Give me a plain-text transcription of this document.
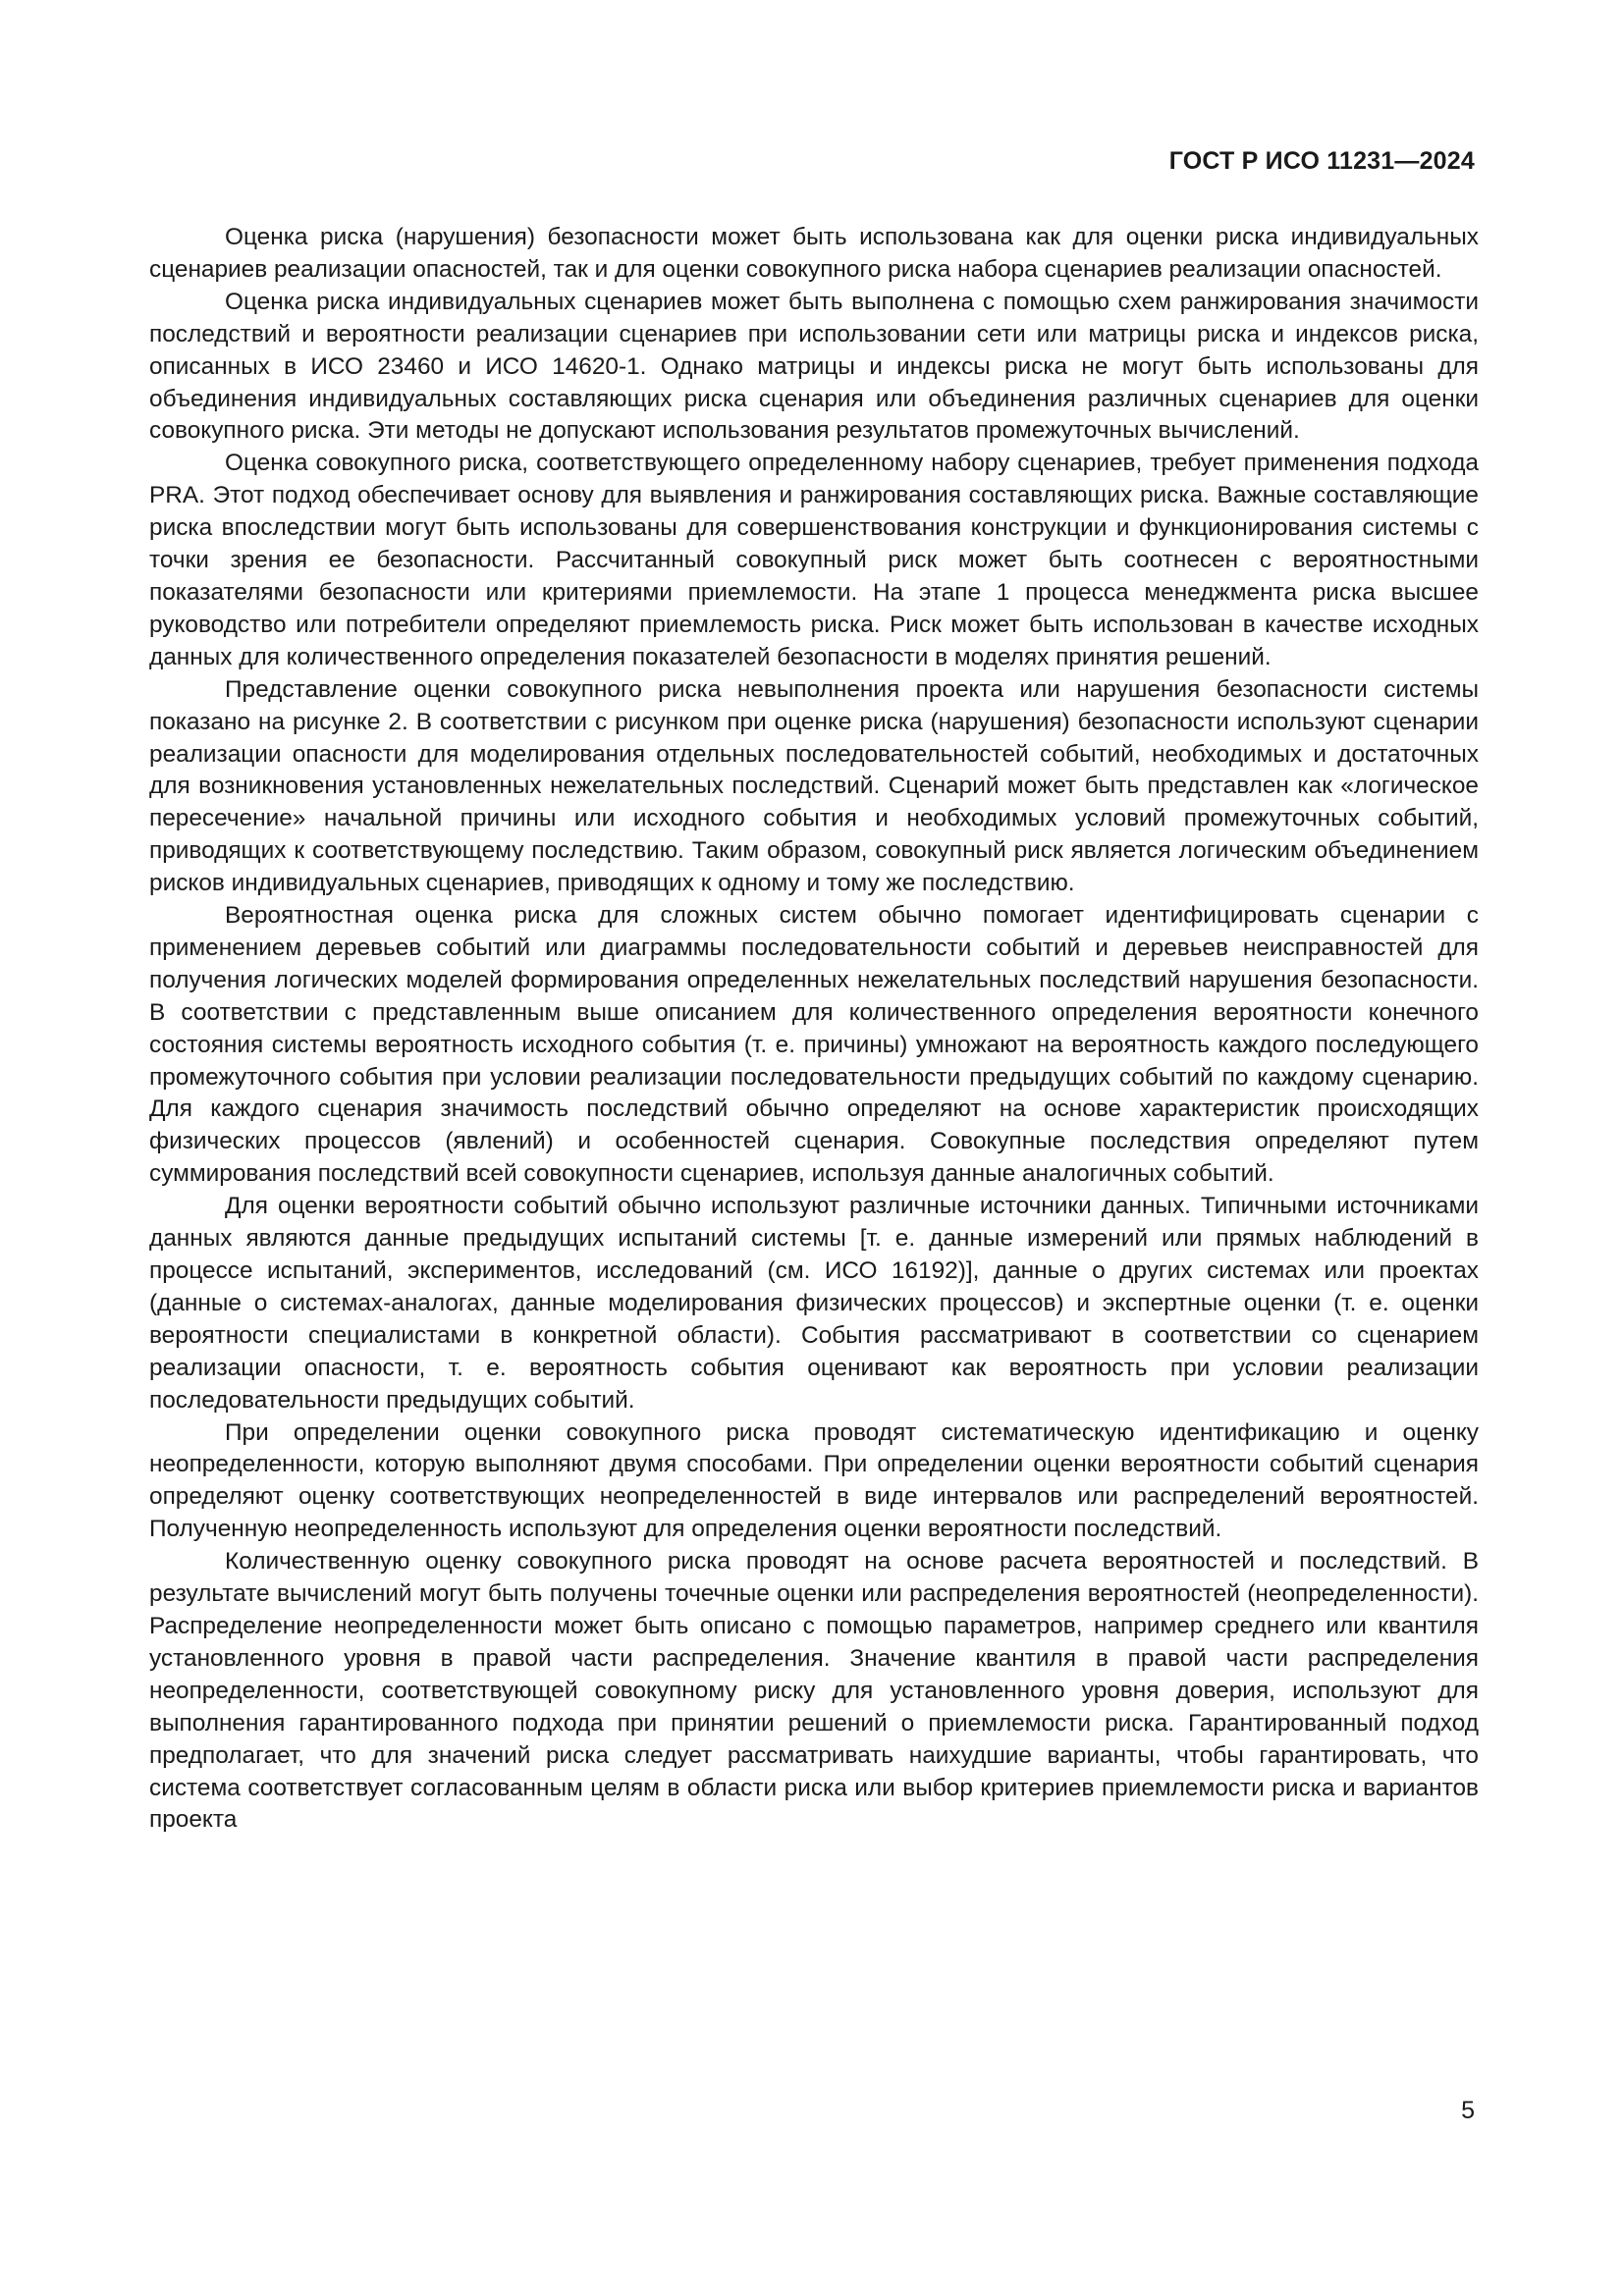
ГОСТ Р ИСО 11231—2024

Оценка риска (нарушения) безопасности может быть использована как для оценки риска индивидуальных сценариев реализации опасностей, так и для оценки совокупного риска набора сценариев реализации опасностей.

Оценка риска индивидуальных сценариев может быть выполнена с помощью схем ранжирования значимости последствий и вероятности реализации сценариев при использовании сети или матрицы риска и индексов риска, описанных в ИСО 23460 и ИСО 14620-1. Однако матрицы и индексы риска не могут быть использованы для объединения индивидуальных составляющих риска сценария или объединения различных сценариев для оценки совокупного риска. Эти методы не допускают использования результатов промежуточных вычислений.

Оценка совокупного риска, соответствующего определенному набору сценариев, требует применения подхода PRA. Этот подход обеспечивает основу для выявления и ранжирования составляющих риска. Важные составляющие риска впоследствии могут быть использованы для совершенствования конструкции и функционирования системы с точки зрения ее безопасности. Рассчитанный совокупный риск может быть соотнесен с вероятностными показателями безопасности или критериями приемлемости. На этапе 1 процесса менеджмента риска высшее руководство или потребители определяют приемлемость риска. Риск может быть использован в качестве исходных данных для количественного определения показателей безопасности в моделях принятия решений.

Представление оценки совокупного риска невыполнения проекта или нарушения безопасности системы показано на рисунке 2. В соответствии с рисунком при оценке риска (нарушения) безопасности используют сценарии реализации опасности для моделирования отдельных последовательностей событий, необходимых и достаточных для возникновения установленных нежелательных последствий. Сценарий может быть представлен как «логическое пересечение» начальной причины или исходного события и необходимых условий промежуточных событий, приводящих к соответствующему последствию. Таким образом, совокупный риск является логическим объединением рисков индивидуальных сценариев, приводящих к одному и тому же последствию.

Вероятностная оценка риска для сложных систем обычно помогает идентифицировать сценарии с применением деревьев событий или диаграммы последовательности событий и деревьев неисправностей для получения логических моделей формирования определенных нежелательных последствий нарушения безопасности. В соответствии с представленным выше описанием для количественного определения вероятности конечного состояния системы вероятность исходного события (т. е. причины) умножают на вероятность каждого последующего промежуточного события при условии реализации последовательности предыдущих событий по каждому сценарию. Для каждого сценария значимость последствий обычно определяют на основе характеристик происходящих физических процессов (явлений) и особенностей сценария. Совокупные последствия определяют путем суммирования последствий всей совокупности сценариев, используя данные аналогичных событий.

Для оценки вероятности событий обычно используют различные источники данных. Типичными источниками данных являются данные предыдущих испытаний системы [т. е. данные измерений или прямых наблюдений в процессе испытаний, экспериментов, исследований (см. ИСО 16192)], данные о других системах или проектах (данные о системах-аналогах, данные моделирования физических процессов) и экспертные оценки (т. е. оценки вероятности специалистами в конкретной области). События рассматривают в соответствии со сценарием реализации опасности, т. е. вероятность события оценивают как вероятность при условии реализации последовательности предыдущих событий.

При определении оценки совокупного риска проводят систематическую идентификацию и оценку неопределенности, которую выполняют двумя способами. При определении оценки вероятности событий сценария определяют оценку соответствующих неопределенностей в виде интервалов или распределений вероятностей. Полученную неопределенность используют для определения оценки вероятности последствий.

Количественную оценку совокупного риска проводят на основе расчета вероятностей и последствий. В результате вычислений могут быть получены точечные оценки или распределения вероятностей (неопределенности). Распределение неопределенности может быть описано с помощью параметров, например среднего или квантиля установленного уровня в правой части распределения. Значение квантиля в правой части распределения неопределенности, соответствующей совокупному риску для установленного уровня доверия, используют для выполнения гарантированного подхода при принятии решений о приемлемости риска. Гарантированный подход предполагает, что для значений риска следует рассматривать наихудшие варианты, чтобы гарантировать, что система соответствует согласованным целям в области риска или выбор критериев приемлемости риска и вариантов проекта

5
